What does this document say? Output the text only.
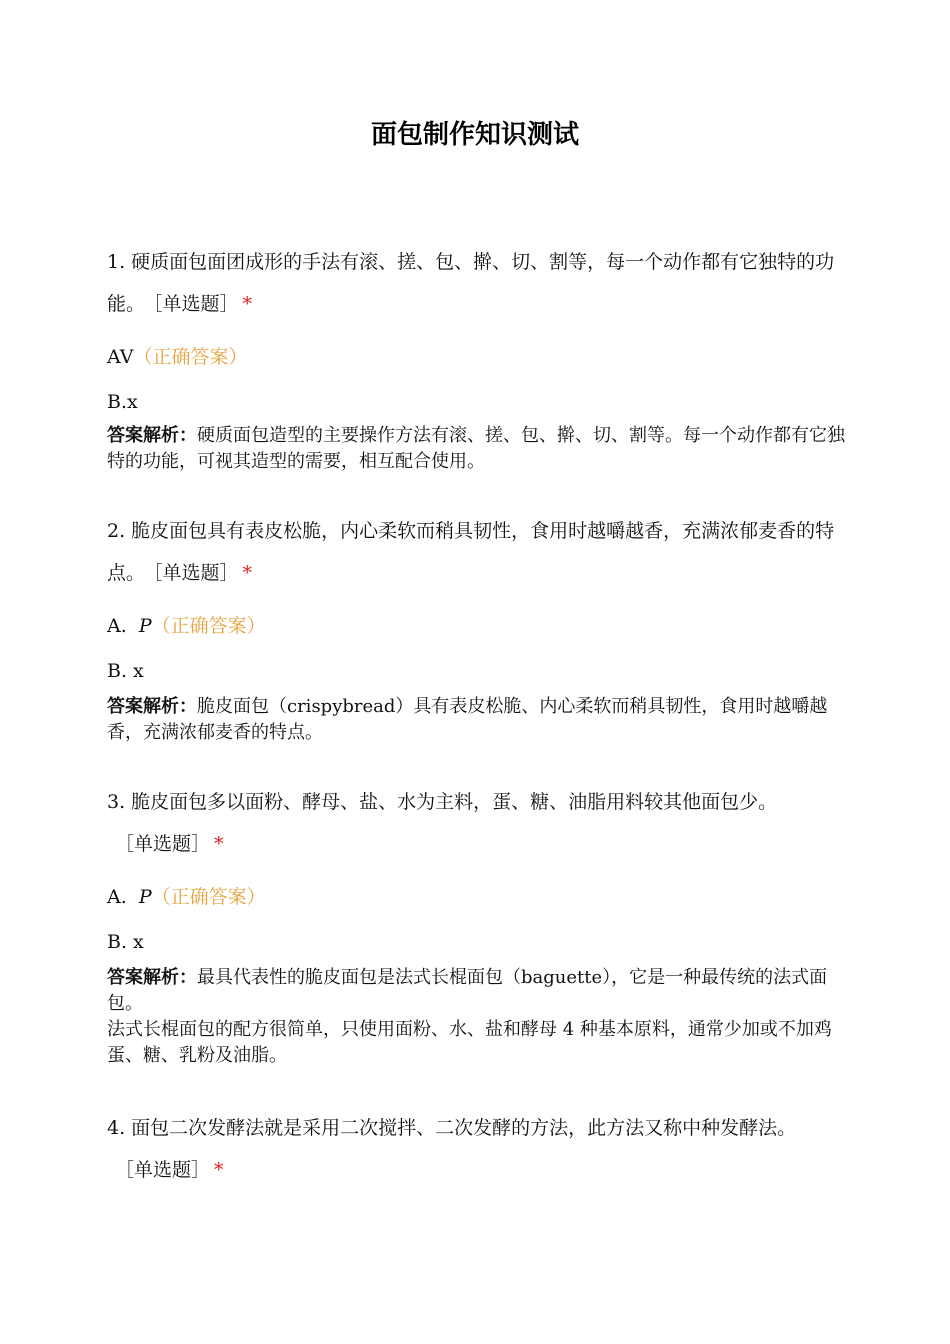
面包制作知识测试
1. 硬质面包面团成形的手法有滚、搓、包、擀、切、割等，每一个动作都有它独特的功能。 ［单选题］ *
AV（正确答案）
B.x
答案解析：硬质面包造型的主要操作方法有滚、搓、包、擀、切、割等。每一个动作都有它独特的功能，可视其造型的需要，相互配合使用。
2. 脆皮面包具有表皮松脆，内心柔软而稍具韧性，食用时越嚼越香，充满浓郁麦香的特点。 ［单选题］ *
A. P（正确答案）
B. x
答案解析：脆皮面包（crispybread）具有表皮松脆、内心柔软而稍具韧性，食用时越嚼越香，充满浓郁麦香的特点。
3. 脆皮面包多以面粉、酵母、盐、水为主料，蛋、糖、油脂用料较其他面包少。
［单选题］ *
A. P（正确答案）
B. x

答案解析：最具代表性的脆皮面包是法式长棍面包（baguette），它是一种最传统的法式面包。

法式长棍面包的配方很简单，只使用面粉、水、盐和酵母 4 种基本原料，通常少加或不加鸡蛋、糖、乳粉及油脂。

4. 面包二次发酵法就是采用二次搅拌、二次发酵的方法，此方法又称中种发酵法。
［单选题］ *
